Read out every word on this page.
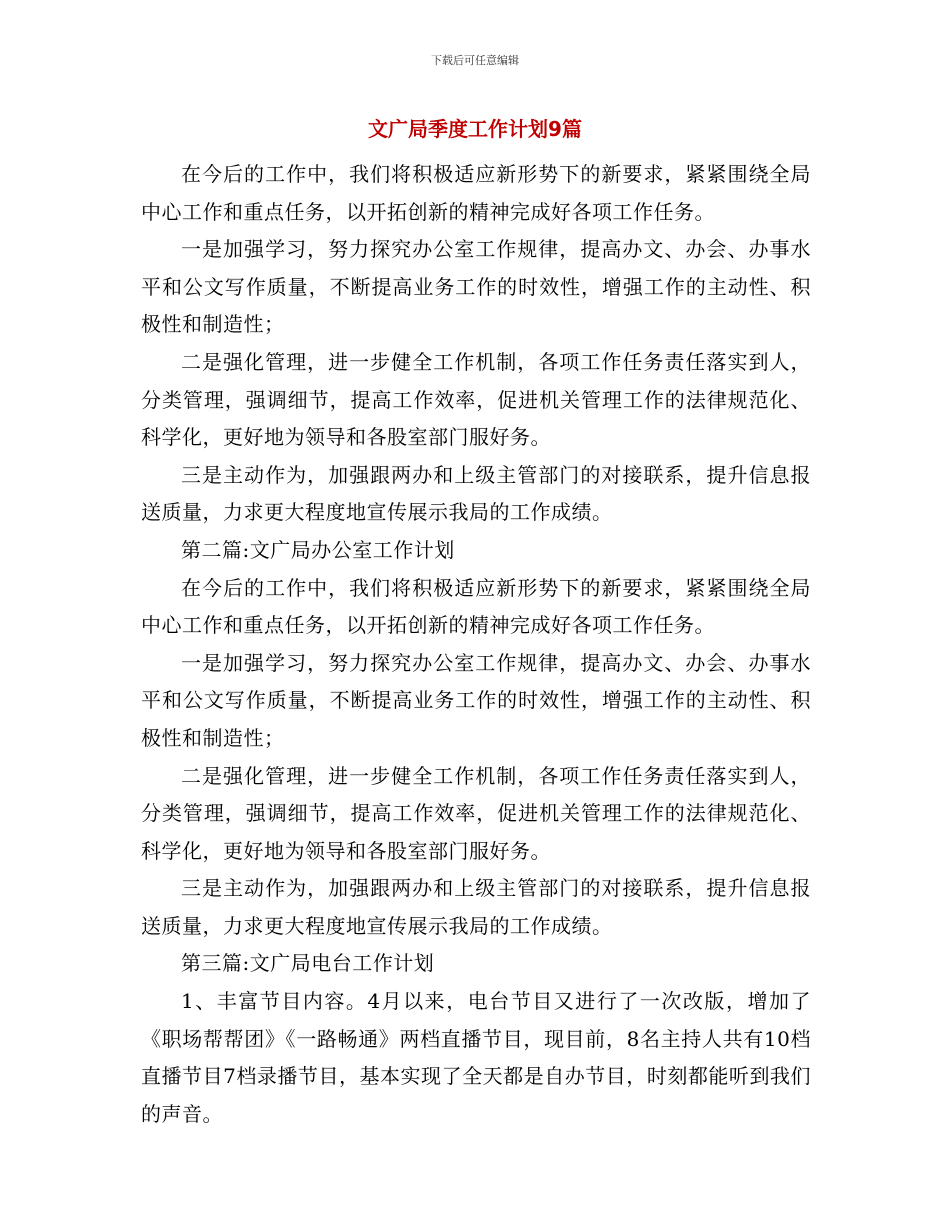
下载后可任意编辑
文广局季度工作计划9篇

在今后的工作中，我们将积极适应新形势下的新要求，紧紧围绕全局中心工作和重点任务，以开拓创新的精神完成好各项工作任务。

一是加强学习，努力探究办公室工作规律，提高办文、办会、办事水平和公文写作质量，不断提高业务工作的时效性，增强工作的主动性、积极性和制造性；

二是强化管理，进一步健全工作机制，各项工作任务责任落实到人，分类管理，强调细节，提高工作效率，促进机关管理工作的法律规范化、科学化，更好地为领导和各股室部门服好务。

三是主动作为，加强跟两办和上级主管部门的对接联系，提升信息报送质量，力求更大程度地宣传展示我局的工作成绩。

第二篇:文广局办公室工作计划

在今后的工作中，我们将积极适应新形势下的新要求，紧紧围绕全局中心工作和重点任务，以开拓创新的精神完成好各项工作任务。

一是加强学习，努力探究办公室工作规律，提高办文、办会、办事水平和公文写作质量，不断提高业务工作的时效性，增强工作的主动性、积极性和制造性；

二是强化管理，进一步健全工作机制，各项工作任务责任落实到人，分类管理，强调细节，提高工作效率，促进机关管理工作的法律规范化、科学化，更好地为领导和各股室部门服好务。

三是主动作为，加强跟两办和上级主管部门的对接联系，提升信息报送质量，力求更大程度地宣传展示我局的工作成绩。

第三篇:文广局电台工作计划

1、丰富节目内容。4月以来，电台节目又进行了一次改版，增加了《职场帮帮团》《一路畅通》两档直播节目，现目前，8名主持人共有10档直播节目7档录播节目，基本实现了全天都是自办节目，时刻都能听到我们的声音。
